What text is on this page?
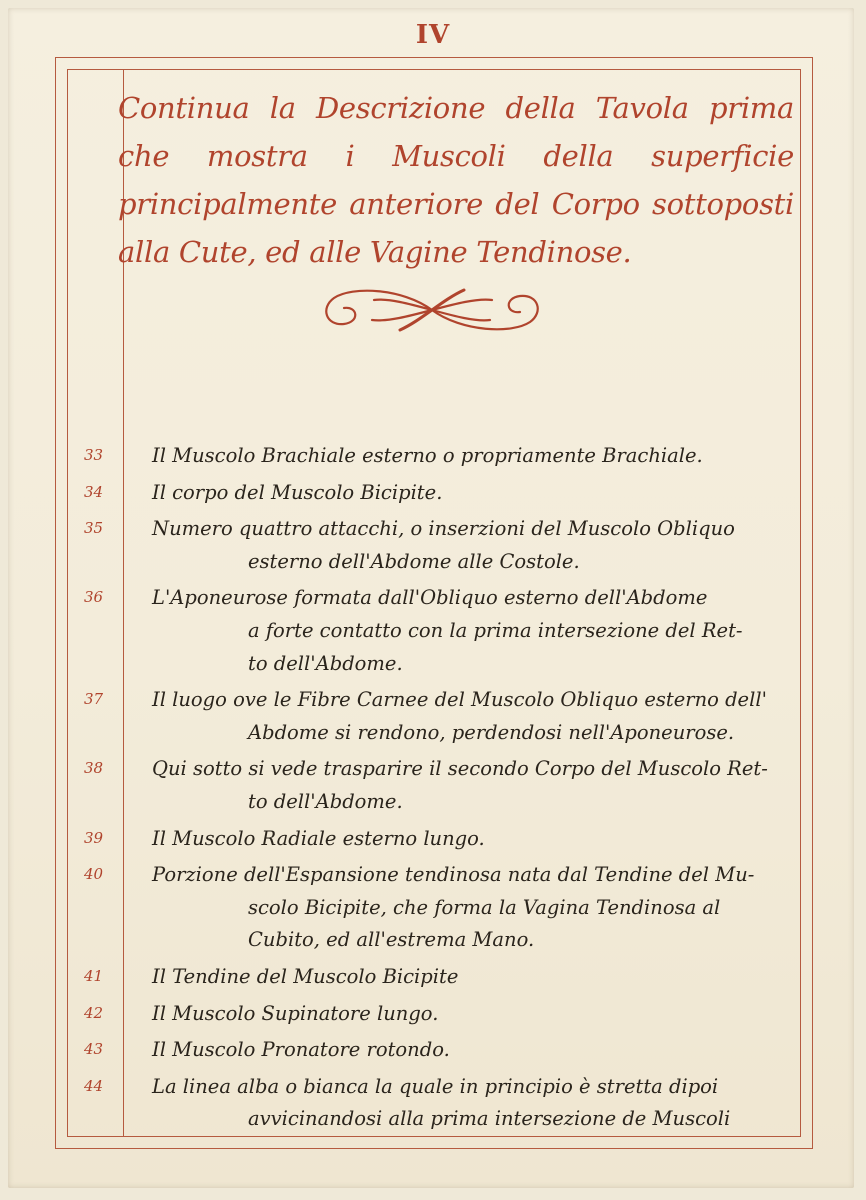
IV
Continua la Descrizione della Tavola prima che mostra i Muscoli della superficie principalmente anteriore del Corpo sottoposti alla Cute, ed alle Vagine Tendinose.
33	Il Muscolo Brachiale esterno o propriamente Brachiale.
34	Il corpo del Muscolo Bicipite.
35	Numero quattro attacchi, o inserzioni del Muscolo Obliquo
esterno dell'Abdome alle Costole.
36	L'Aponeurose formata dall'Obliquo esterno dell'Abdome
a forte contatto con la prima intersezione del Ret-
to dell'Abdome.
37	Il luogo ove le Fibre Carnee del Muscolo Obliquo esterno dell'
Abdome si rendono, perdendosi nell'Aponeurose.
38	Qui sotto si vede trasparire il secondo Corpo del Muscolo Ret-
to dell'Abdome.
39	Il Muscolo Radiale esterno lungo.
40	Porzione dell'Espansione tendinosa nata dal Tendine del Mu-
scolo Bicipite, che forma la Vagina Tendinosa al
Cubito, ed all'estrema Mano.
41	Il Tendine del Muscolo Bicipite
42	Il Muscolo Supinatore lungo.
43	Il Muscolo Pronatore rotondo.
44	La linea alba o bianca la quale in principio è stretta dipoi
avvicinandosi alla prima intersezione de Muscoli
